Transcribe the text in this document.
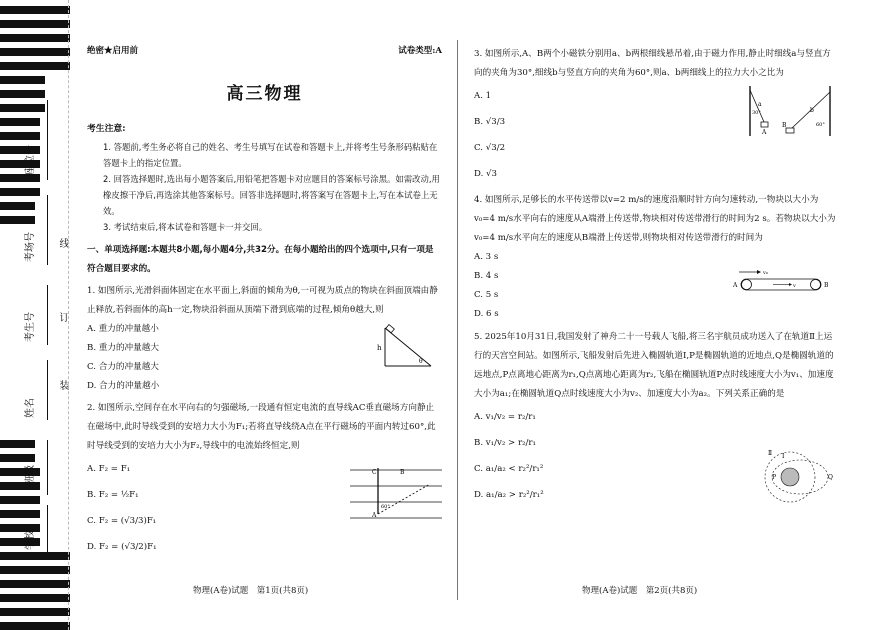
座位号
考场号
考生号
姓名
班级
学校
线
订
装
绝密★启用前	试卷类型:A
高三物理
考生注意:

1. 答题前,考生务必将自己的姓名、考生号填写在试卷和答题卡上,并将考生号条形码粘贴在答题卡上的指定位置。

2. 回答选择题时,选出每小题答案后,用铅笔把答题卡对应题目的答案标号涂黑。如需改动,用橡皮擦干净后,再选涂其他答案标号。回答非选择题时,将答案写在答题卡上,写在本试卷上无效。

3. 考试结束后,将本试卷和答题卡一并交回。

一、单项选择题:本题共8小题,每小题4分,共32分。在每小题给出的四个选项中,只有一项是符合题目要求的。

1. 如图所示,光滑斜面体固定在水平面上,斜面的倾角为θ,一可视为质点的物块在斜面顶端由静止释放,若斜面体的高h一定,物块沿斜面从顶端下滑到底端的过程,倾角θ越大,则

A. 重力的冲量越小

B. 重力的冲量越大

C. 合力的冲量越大

D. 合力的冲量越小

2. 如图所示,空间存在水平向右的匀强磁场,一段通有恒定电流的直导线AC垂直磁场方向静止在磁场中,此时导线受到的安培力大小为F₁;若将直导线绕A点在平行磁场的平面内转过60°,此时导线受到的安培力大小为F₂,导线中的电流始终恒定,则

A. F₂ = F₁

B. F₂ = ½F₁

C. F₂ = (√3/3)F₁

D. F₂ = (√3/2)F₁

h
θ
C	B
A
60°
物理(A卷)试题　第1页(共8页)

3. 如图所示,A、B两个小磁铁分别用a、b两根细线悬吊着,由于磁力作用,静止时细线a与竖直方向的夹角为30°,细线b与竖直方向的夹角为60°,则a、b两细线上的拉力大小之比为

A. 1

B. √3/3

C. √3/2

D. √3

4. 如图所示,足够长的水平传送带以v=2 m/s的速度沿顺时针方向匀速转动,一物块以大小为v₀=4 m/s水平向右的速度从A端滑上传送带,物块相对传送带滑行的时间为2 s。若物块以大小为v₀=4 m/s水平向左的速度从B端滑上传送带,则物块相对传送带滑行的时间为

A. 3 s

B. 4 s

C. 5 s

D. 6 s

5. 2025年10月31日,我国发射了神舟二十一号载人飞船,将三名宇航员成功送入了在轨道Ⅱ上运行的天宫空间站。如图所示,飞船发射后先进入椭圆轨道Ⅰ,P是椭圆轨道的近地点,Q是椭圆轨道的远地点,P点离地心距离为r₁,Q点离地心距离为r₂,飞船在椭圆轨道P点时线速度大小为v₁、加速度大小为a₁;在椭圆轨道Q点时线速度大小为v₂、加速度大小为a₂。下列关系正确的是

A. v₁/v₂ = r₂/r₁

B. v₁/v₂ > r₂/r₁

C. a₁/a₂ < r₂²/r₁²

D. a₁/a₂ > r₂²/r₁²

a
b
30°
60°
A
B
v₀
v
A	B
Ⅱ Ⅰ
P	Q
物理(A卷)试题　第2页(共8页)
